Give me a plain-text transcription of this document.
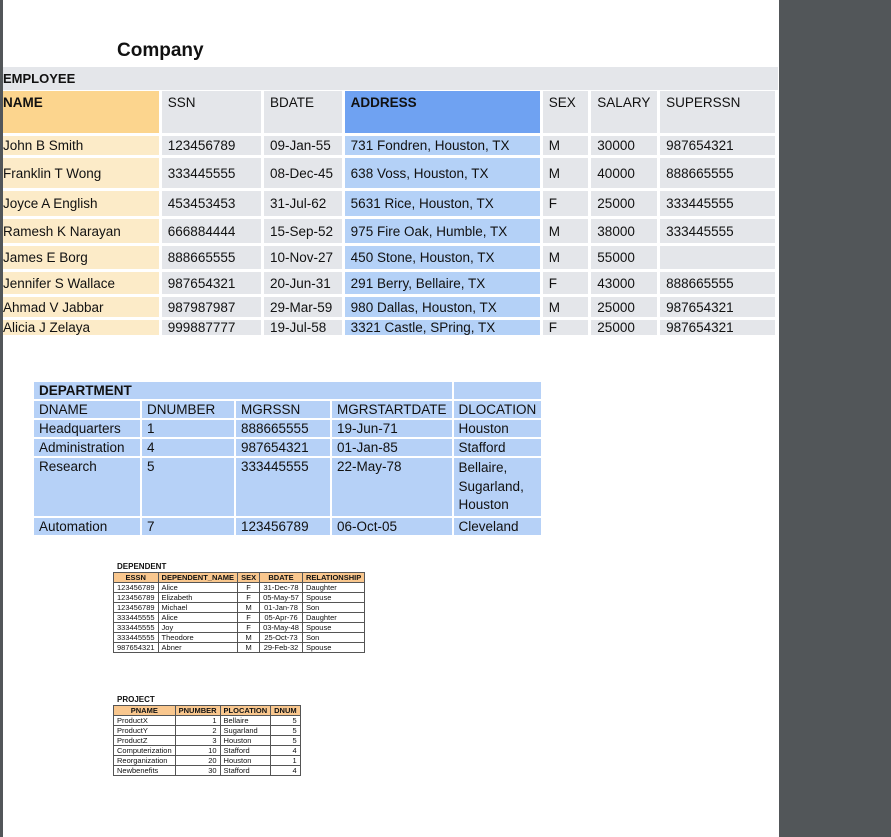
Company
EMPLOYEE
NAME	SSN	BDATE	ADDRESS	SEX	SALARY	SUPERSSN
John B Smith	123456789	09-Jan-55	731 Fondren, Houston, TX	M	30000	987654321
Franklin T Wong	333445555	08-Dec-45	638 Voss, Houston, TX	M	40000	888665555
Joyce A English	453453453	31-Jul-62	5631 Rice, Houston, TX	F	25000	333445555
Ramesh K Narayan	666884444	15-Sep-52	975 Fire Oak, Humble, TX	M	38000	333445555
James E Borg	888665555	10-Nov-27	450 Stone, Houston, TX	M	55000	
Jennifer S Wallace	987654321	20-Jun-31	291 Berry, Bellaire, TX	F	43000	888665555
Ahmad V Jabbar	987987987	29-Mar-59	980 Dallas, Houston, TX	M	25000	987654321
Alicia J Zelaya	999887777	19-Jul-58	3321 Castle, SPring, TX	F	25000	987654321
DEPARTMENT				
DNAME	DNUMBER	MGRSSN	MGRSTARTDATE	DLOCATION
Headquarters	1	888665555	19-Jun-71	Houston
Administration	4	987654321	01-Jan-85	Stafford
Research	5	333445555	22-May-78	Bellaire,
Sugarland,
Houston

Automation	7	123456789	06-Oct-05	Cleveland
DEPENDENT
ESSN	DEPENDENT_NAME	SEX	BDATE	RELATIONSHIP
123456789	Alice	F	31-Dec-78	Daughter
123456789	Elizabeth	F	05-May-57	Spouse
123456789	Michael	M	01-Jan-78	Son
333445555	Alice	F	05-Apr-76	Daughter
333445555	Joy	F	03-May-48	Spouse
333445555	Theodore	M	25-Oct-73	Son
987654321	Abner	M	29-Feb-32	Spouse
PROJECT
PNAME	PNUMBER	PLOCATION	DNUM
ProductX	1	Bellaire	5
ProductY	2	Sugarland	5
ProductZ	3	Houston	5
Computerization	10	Stafford	4
Reorganization	20	Houston	1
Newbenefits	30	Stafford	4
